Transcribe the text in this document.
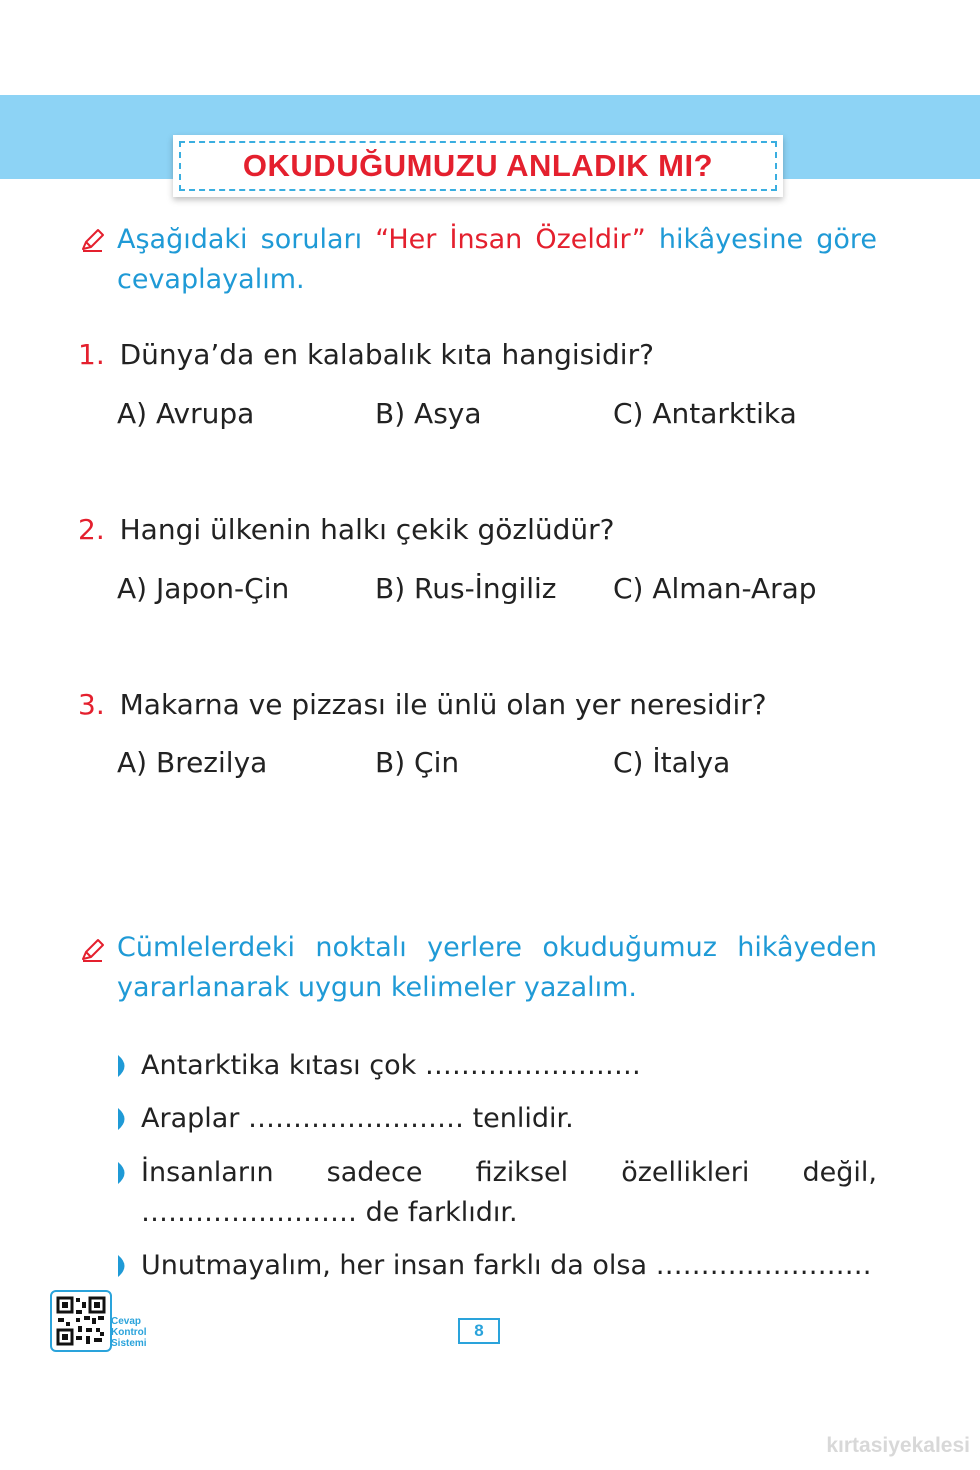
OKUDUĞUMUZU ANLADIK MI?
Aşağıdaki soruları “Her İnsan Özeldir” hikâyesine göre cevaplayalım.
1. Dünya’da en kalabalık kıta hangisidir?
A) Avrupa	B) Asya	C) Antarktika
2. Hangi ülkenin halkı çekik gözlüdür?
A) Japon-Çin	B) Rus-İngiliz C) Alman-Arap
3. Makarna ve pizzası ile ünlü olan yer neresidir?
A) Brezilya	B) Çin	C) İtalya
Cümlelerdeki noktalı yerlere okuduğumuz hikâyeden yararlanarak uygun kelimeler yazalım.
Antarktika kıtası çok ……………………
Araplar …………………… tenlidir.
İnsanların sadece fiziksel özellikleri değil, …………………… de farklıdır.
Unutmayalım, her insan farklı da olsa ……………………
Cevap
Kontrol
Sistemi
8
kırtasiyekalesi
